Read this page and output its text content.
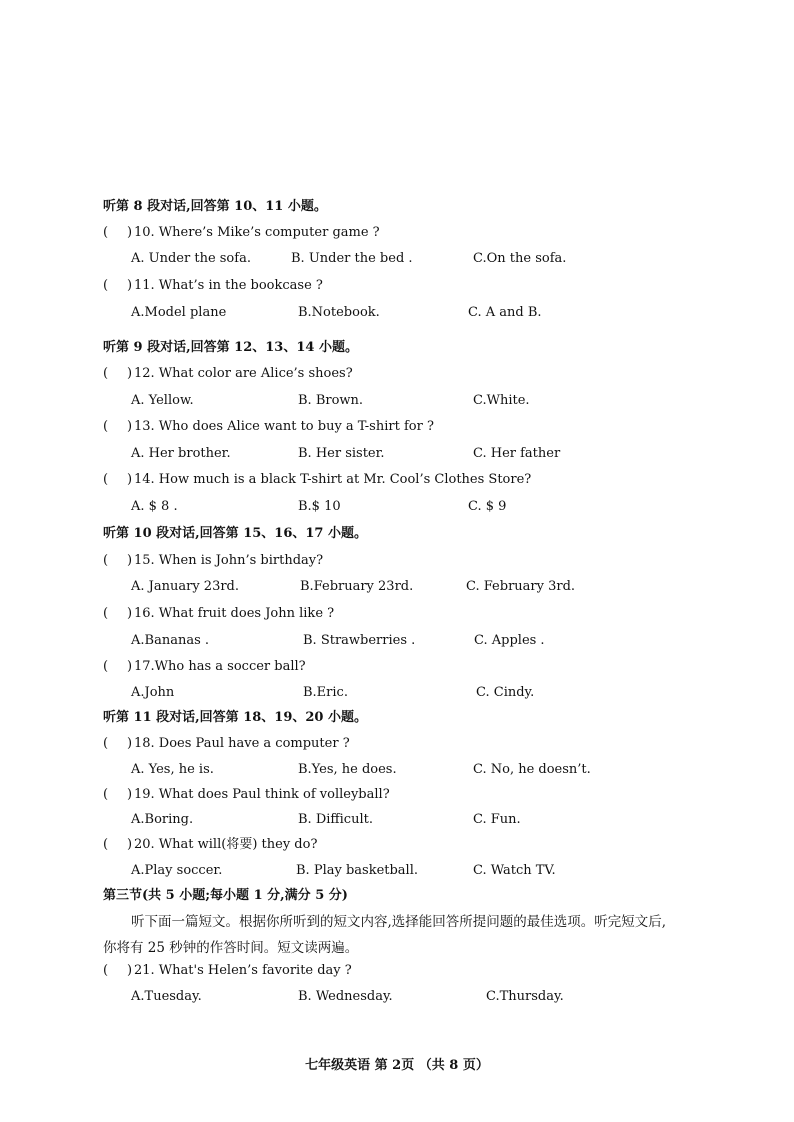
听第 8 段对话,回答第 10、11 小题。
( ) 10. Where’s Mike’s computer game ?
A. Under the sofa.	B. Under the bed .	C.On the sofa.
( ) 11. What’s in the bookcase ?
A.Model plane	B.Notebook.	C. A and B.
听第 9 段对话,回答第 12、13、14 小题。
( ) 12. What color are Alice’s shoes?
A. Yellow.	B. Brown.	C.White.
( ) 13. Who does Alice want to buy a T-shirt for ?
A. Her brother.	B. Her sister.	C. Her father
( ) 14. How much is a black T-shirt at Mr. Cool’s Clothes Store?
A. $ 8 .	B.$ 10	C. $ 9
听第 10 段对话,回答第 15、16、17 小题。
( ) 15. When is John’s birthday?
A. January 23rd.	B.February 23rd.	C. February 3rd.
( ) 16. What fruit does John like ?
A.Bananas .	B. Strawberries .	C. Apples .
( ) 17.Who has a soccer ball?
A.John	B.Eric.	C. Cindy.
听第 11 段对话,回答第 18、19、20 小题。
( ) 18. Does Paul have a computer ?
A. Yes, he is.	B.Yes, he does.	C. No, he doesn’t.
( ) 19. What does Paul think of volleyball?
A.Boring.	B. Difficult.	C. Fun.
( ) 20. What will(将要) they do?
A.Play soccer.	B. Play basketball.	C. Watch TV.
第三节(共 5 小题;每小题 1 分,满分 5 分)
听下面一篇短文。根据你所听到的短文内容,选择能回答所提问题的最佳选项。听完短文后,
你将有 25 秒钟的作答时间。短文读两遍。
( ) 21. What's Helen’s favorite day ?
A.Tuesday.	B. Wednesday.	C.Thursday.
七年级英语 第 2页 （共 8 页）
